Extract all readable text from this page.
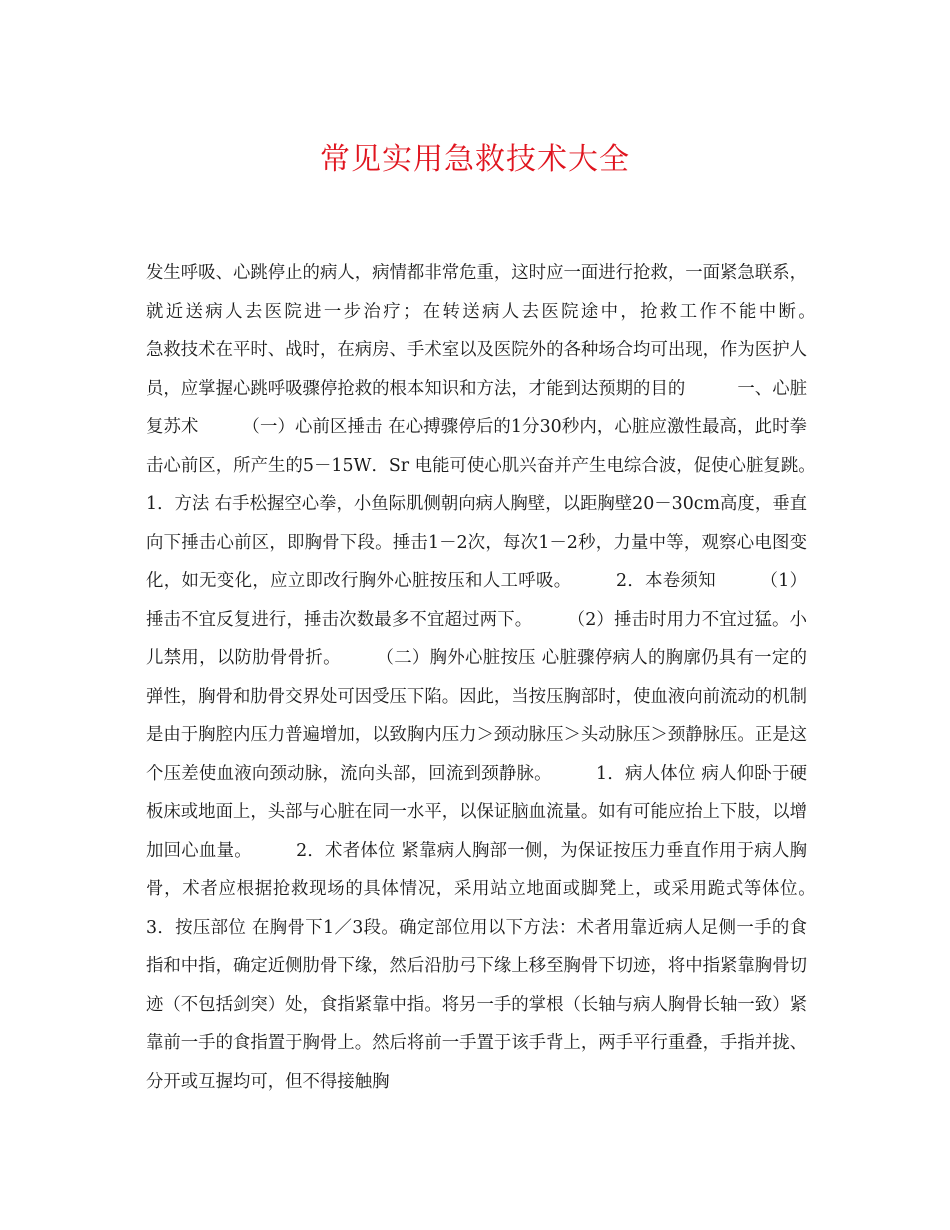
常见实用急救技术大全

发生呼吸、心跳停止的病人，病情都非常危重，这时应一面进行抢救，一面紧急联系，就近送病人去医院进一步治疗；在转送病人去医院途中，抢救工作不能中断。　　　　急救技术在平时、战时，在病房、手术室以及医院外的各种场合均可出现，作为医护人员，应掌握心跳呼吸骤停抢救的根本知识和方法，才能到达预期的目的　　　一、心脏复苏术　　　（一）心前区捶击 在心搏骤停后的1分30秒内，心脏应激性最高，此时拳击心前区，所产生的5－15W．Sr 电能可使心肌兴奋并产生电综合波，促使心脏复跳。　　　1．方法 右手松握空心拳，小鱼际肌侧朝向病人胸壁，以距胸壁20－30cm高度，垂直向下捶击心前区，即胸骨下段。捶击1－2次，每次1－2秒，力量中等，观察心电图变化，如无变化，应立即改行胸外心脏按压和人工呼吸。　　　2．本卷须知　　　（1）捶击不宜反复进行，捶击次数最多不宜超过两下。　　　（2）捶击时用力不宜过猛。小儿禁用，以防肋骨骨折。　　　（二）胸外心脏按压 心脏骤停病人的胸廓仍具有一定的弹性，胸骨和肋骨交界处可因受压下陷。因此，当按压胸部时，使血液向前流动的机制是由于胸腔内压力普遍增加，以致胸内压力＞颈动脉压＞头动脉压＞颈静脉压。正是这个压差使血液向颈动脉，流向头部，回流到颈静脉。　　　1．病人体位 病人仰卧于硬板床或地面上，头部与心脏在同一水平，以保证脑血流量。如有可能应抬上下肢，以增加回心血量。　　　2．术者体位 紧靠病人胸部一侧，为保证按压力垂直作用于病人胸骨，术者应根据抢救现场的具体情况，采用站立地面或脚凳上，或采用跪式等体位。　　　3．按压部位 在胸骨下1／3段。确定部位用以下方法：术者用靠近病人足侧一手的食指和中指，确定近侧肋骨下缘，然后沿肋弓下缘上移至胸骨下切迹，将中指紧靠胸骨切迹（不包括剑突）处，食指紧靠中指。将另一手的掌根（长轴与病人胸骨长轴一致）紧靠前一手的食指置于胸骨上。然后将前一手置于该手背上，两手平行重叠，手指并拢、分开或互握均可，但不得接触胸
